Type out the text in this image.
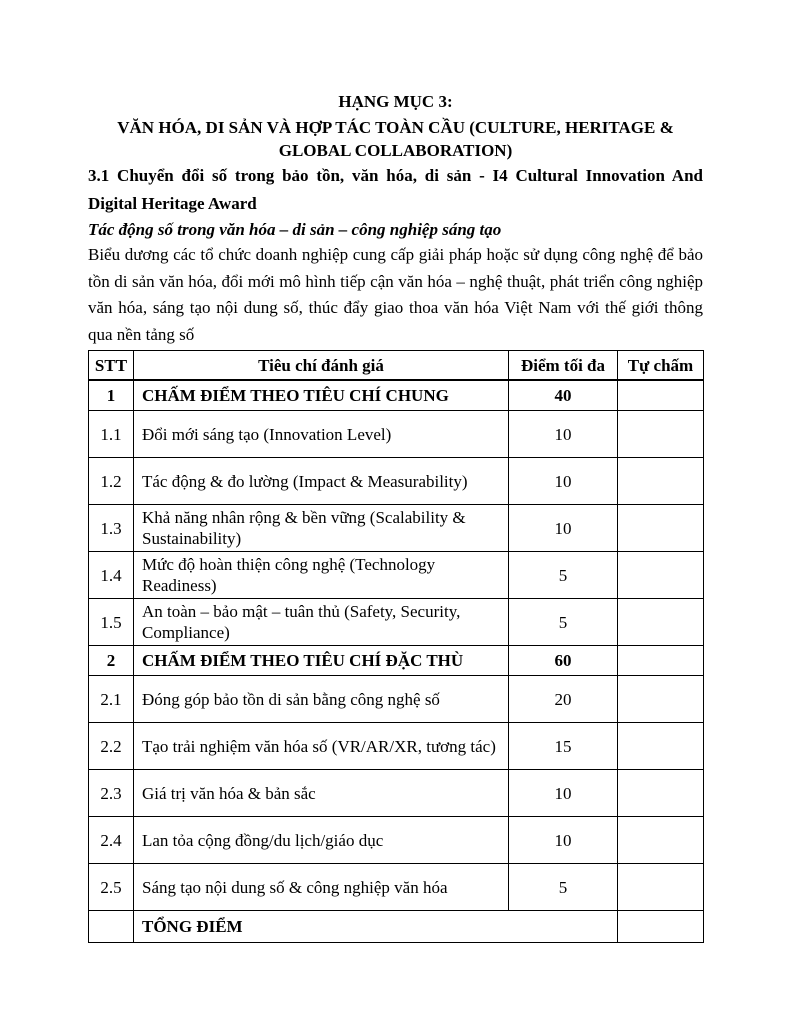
HẠNG MỤC 3:
VĂN HÓA, DI SẢN VÀ HỢP TÁC TOÀN CẦU (CULTURE, HERITAGE &
GLOBAL COLLABORATION)
3.1 Chuyển đổi số trong bảo tồn, văn hóa, di sản - I4 Cultural Innovation And Digital Heritage Award
Tác động số trong văn hóa – di sản – công nghiệp sáng tạo
Biểu dương các tổ chức doanh nghiệp cung cấp giải pháp hoặc sử dụng công nghệ để bảo tồn di sản văn hóa, đổi mới mô hình tiếp cận văn hóa – nghệ thuật, phát triển công nghiệp văn hóa, sáng tạo nội dung số, thúc đẩy giao thoa văn hóa Việt Nam với thế giới thông qua nền tảng số
STT	Tiêu chí đánh giá	Điểm tối đa	Tự chấm
1	CHẤM ĐIỂM THEO TIÊU CHÍ CHUNG	40	
1.1	Đổi mới sáng tạo (Innovation Level)	10	
1.2	Tác động & đo lường (Impact & Measurability)	10	
1.3	Khả năng nhân rộng & bền vững (Scalability & Sustainability)	10	
1.4	Mức độ hoàn thiện công nghệ (Technology Readiness)	5	
1.5	An toàn – bảo mật – tuân thủ (Safety, Security, Compliance)	5	
2	CHẤM ĐIỂM THEO TIÊU CHÍ ĐẶC THÙ	60	
2.1	Đóng góp bảo tồn di sản bằng công nghệ số	20	
2.2	Tạo trải nghiệm văn hóa số (VR/AR/XR, tương tác)	15	
2.3	Giá trị văn hóa & bản sắc	10	
2.4	Lan tỏa cộng đồng/du lịch/giáo dục	10	
2.5	Sáng tạo nội dung số & công nghiệp văn hóa	5	
	TỔNG ĐIỂM		
